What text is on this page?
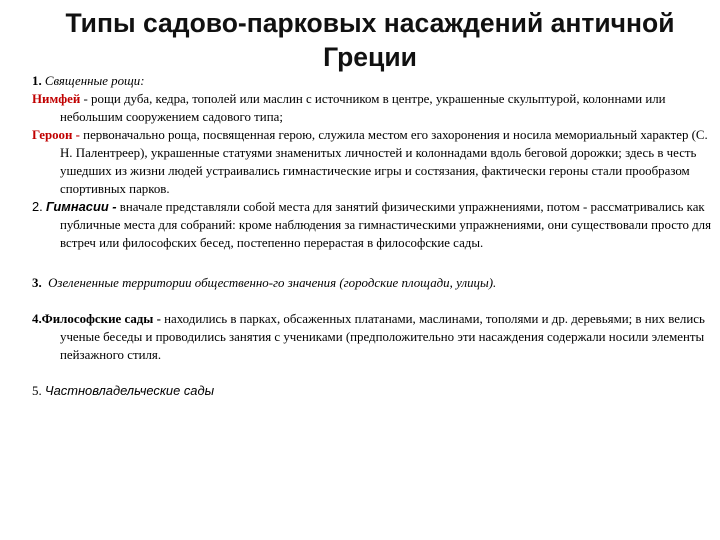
Типы садово-парковых насаждений античной Греции

1. Священные рощи:

Нимфей - рощи дуба, кедра, тополей или маслин с источником в центре, украшенные скульптурой, колоннами или небольшим сооружением садового типа;

Героон - первоначально роща, посвященная герою, служила местом его захоронения и носила мемориальный характер (С. Н. Палентреер), украшенные статуями знаменитых личностей и колоннадами вдоль беговой дорожки; здесь в честь ушедших из жизни людей устраивались гимнастические игры и состязания, фактически героны стали прообразом спортивных парков.

2. Гимнасии - вначале представляли собой места для занятий физическими упражнениями, потом - рассматривались как публичные места для собраний: кроме наблюдения за гимнастическими упражнениями, они существовали просто для встреч или философских бесед, постепенно перерастая в философские сады.

3. Озелененные территории общественно-го значения (городские площади, улицы).

4.Философские сады - находились в парках, обсаженных платанами, маслинами, тополями и др. деревьями; в них велись ученые беседы и проводились занятия с учениками (предположительно эти насаждения содержали носили элементы пейзажного стиля.

5. Частновладельческие сады
